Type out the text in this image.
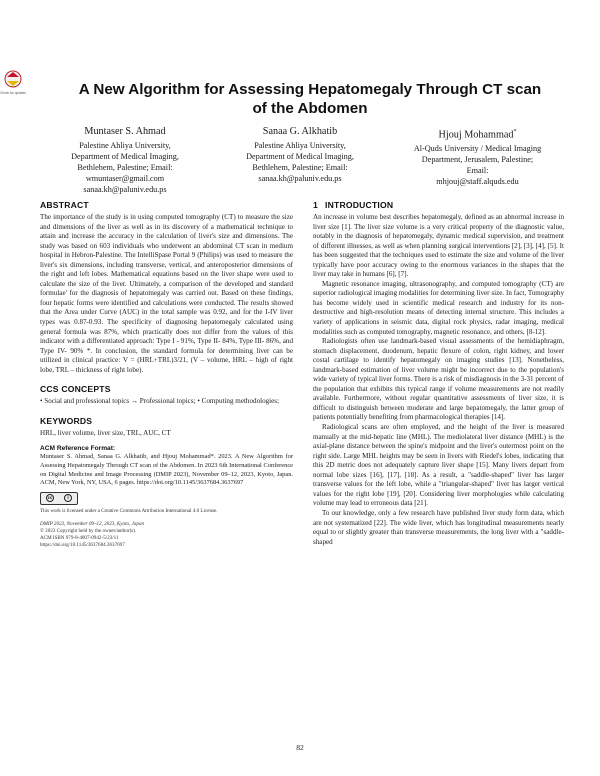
Check for updates	A New Algorithm for Assessing Hepatomegaly Through CT scan
of the Abdomen
Muntaser S. Ahmad
Palestine Ahliya University,
Department of Medical Imaging,
Bethlehem, Palestine; Email:
wmuntaser@gmail.com
sanaa.kh@paluniv.edu.ps
Sanaa G. Alkhatib
Palestine Ahliya University,
Department of Medical Imaging,
Bethlehem, Palestine; Email:
sanaa.kh@paluniv.edu.ps
Hjouj Mohammad*
Al-Quds University / Medical Imaging
Department, Jerusalem, Palestine;
Email:
mhjouj@staff.alquds.edu
ABSTRACT
The importance of the study is in using computed tomography (CT) to measure the size and dimensions of the liver as well as in its discovery of a mathematical technique to attain and increase the accuracy in the calculation of liver's size and dimensions. The study was based on 603 individuals who underwent an abdominal CT scan in medium hospital in Hebron-Palestine. The IntelliSpase Portal 9 (Philips) was used to measure the liver's six dimensions, including transverse, vertical, and anteroposterior dimensions of the right and left lobes. Mathematical equations based on the liver shape were used to calculate the size of the liver. Ultimately, a comparison of the developed and standard formulae' for the diagnosis of hepatomegaly was carried out. Based on these findings, four hepatic forms were identified and calculations were conducted. The results showed that the Area under Curve (AUC) in the total sample was 0.92, and for the I-IV liver types was 0.87-0.93. The specificity of diagnosing hepatomegaly calculated using general formula was 87%, which practically does not differ from the values of this indicator with a differentiated approach: Type I - 91%, Type II- 84%, Type III- 86%, and Type IV- 90% *. In conclusion, the standard formula for determining liver can be utilized in clinical practice: V = (HRL+TRL)3/21, (V – volume, HRL – high of right lobe, TRL – thickness of right lobe).
CCS CONCEPTS
• Social and professional topics → Professional topics; • Computing methodologies;
KEYWORDS
HRL, liver volume, liver size, TRL, AUC, CT
ACM Reference Format:
Muntaser S. Ahmad, Sanaa G. Alkhatib, and Hjouj Mohammad*. 2023. A New Algorithm for Assessing Hepatomegaly Through CT scan of the Abdomen. In 2023 6th International Conference on Digital Medicine and Image Processing (DMIP 2023), November 09–12, 2023, Kyoto, Japan. ACM, New York, NY, USA, 6 pages. https://doi.org/10.1145/3637684.3637697
cc	i
This work is licensed under a Creative Commons Attribution International 4.0 License.
DMIP 2023, November 09–12, 2023, Kyoto, Japan
© 2023 Copyright held by the owner/author(s).
ACM ISBN 979-8-4007-0942-5/23/11
https://doi.org/10.1145/3637684.3637697
1 INTRODUCTION
An increase in volume best describes hepatomegaly, defined as an abnormal increase in liver size [1]. The liver size volume is a very critical property of the diagnostic value, notably in the diagnosis of hepatomegaly, dynamic medical supervision, and treatment of different illnesses, as well as when planning surgical interventions [2], [3], [4], [5]. It has been suggested that the techniques used to estimate the size and volume of the liver typically have poor accuracy owing to the enormous variances in the shapes that the liver may take in humans [6], [7].
Magnetic resonance imaging, ultrasonography, and computed tomography (CT) are superior radiological imaging modalities for determining liver size. In fact, Tomography has become widely used in scientific medical research and industry for its non-destructive and high-resolution means of detecting internal structure. This includes a variety of applications in seismic data, digital rock physics, radar imaging, medical modalities such as computed tomography, magnetic resonance, and others, [8-12].
Radiologists often use landmark-based visual assessments of the hemidiaphragm, stomach displacement, duodenum, hepatic flexure of colon, right kidney, and lower costal cartilage to identify hepatomegaly on imaging studies [13]. Nonetheless, landmark-based estimation of liver volume might be incorrect due to the population's wide variety of typical liver forms. There is a risk of misdiagnosis in the 3-31 percent of the population that exhibits this typical range if volume measurements are not readily available. Furthermore, without regular quantitative assessments of liver size, it is difficult to distinguish between moderate and large hepatomegaly, the latter group of patients potentially benefiting from pharmacological therapies [14].
Radiological scans are often employed, and the height of the liver is measured manually at the mid-hepatic line (MHL). The mediolateral liver distance (MHL) is the axial-plane distance between the spine's midpoint and the liver's outermost point on the right side. Large MHL heights may be seen in livers with Riedel's lobes, indicating that this 2D metric does not adequately capture liver shape [15]. Many livers depart from normal lobe sizes [16], [17], [18]. As a result, a "saddle-shaped" liver has larger transverse values for the left lobe, while a "triangular-shaped" liver has larger vertical values for the right lobe [19], [20]. Considering liver morphologies while calculating volume may lead to erroneous data [21].
To our knowledge, only a few research have published liver study form data, which are not systematized [22]. The wide liver, which has longitudinal measurements nearly equal to or slightly greater than transverse measurements, the long liver with a "saddle-shaped
82
